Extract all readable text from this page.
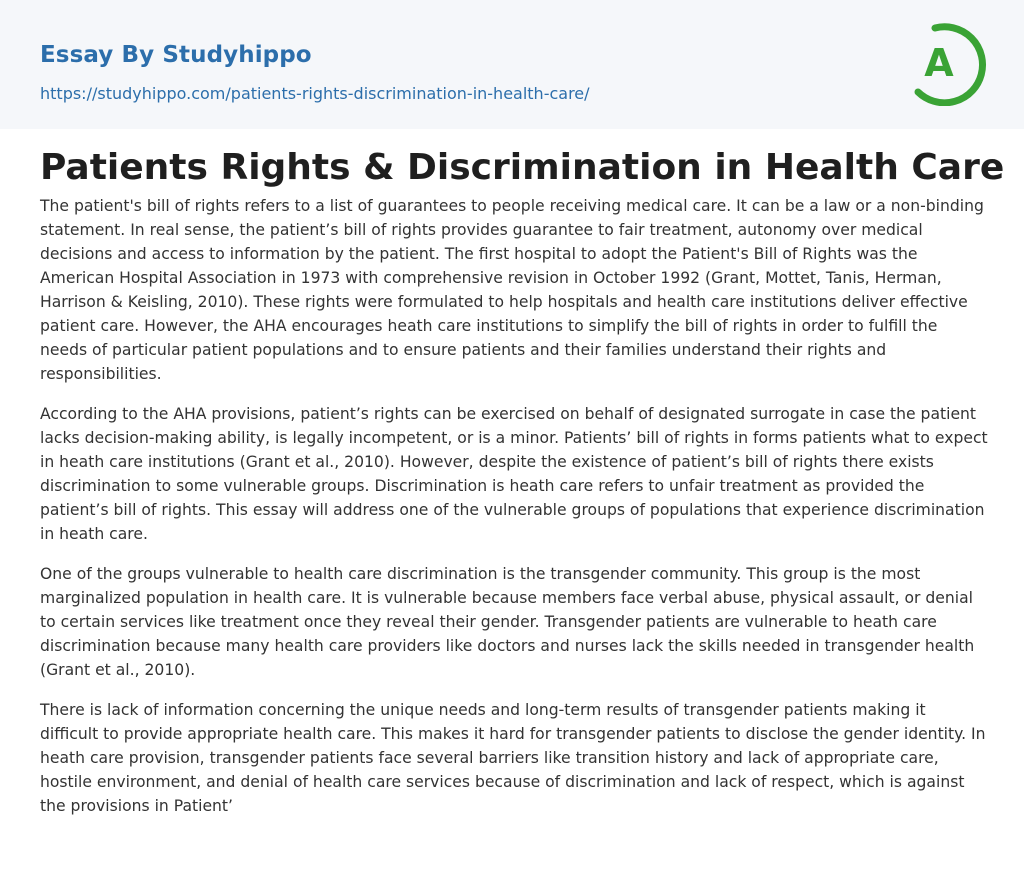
Essay By Studyhippo
https://studyhippo.com/patients-rights-discrimination-in-health-care/
A
Patients Rights & Discrimination in Health Care

The patient's bill of rights refers to a list of guarantees to people receiving medical care. It can be a law or a non-binding statement. In real sense, the patient’s bill of rights provides guarantee to fair treatment, autonomy over medical decisions and access to information by the patient. The first hospital to adopt the Patient's Bill of Rights was the American Hospital Association in 1973 with comprehensive revision in October 1992 (Grant, Mottet, Tanis, Herman, Harrison & Keisling, 2010). These rights were formulated to help hospitals and health care institutions deliver effective patient care. However, the AHA encourages heath care institutions to simplify the bill of rights in order to fulfill the needs of particular patient populations and to ensure patients and their families understand their rights and responsibilities.

According to the AHA provisions, patient’s rights can be exercised on behalf of designated surrogate in case the patient lacks decision-making ability, is legally incompetent, or is a minor. Patients’ bill of rights in forms patients what to expect in heath care institutions (Grant et al., 2010). However, despite the existence of patient’s bill of rights there exists discrimination to some vulnerable groups. Discrimination is heath care refers to unfair treatment as provided the patient’s bill of rights. This essay will address one of the vulnerable groups of populations that experience discrimination in heath care.

One of the groups vulnerable to health care discrimination is the transgender community. This group is the most marginalized population in health care. It is vulnerable because members face verbal abuse, physical assault, or denial to certain services like treatment once they reveal their gender. Transgender patients are vulnerable to heath care discrimination because many health care providers like doctors and nurses lack the skills needed in transgender health (Grant et al., 2010).

There is lack of information concerning the unique needs and long-term results of transgender patients making it difficult to provide appropriate health care. This makes it hard for transgender patients to disclose the gender identity. In heath care provision, transgender patients face several barriers like transition history and lack of appropriate care, hostile environment, and denial of health care services because of discrimination and lack of respect, which is against the provisions in Patient’
